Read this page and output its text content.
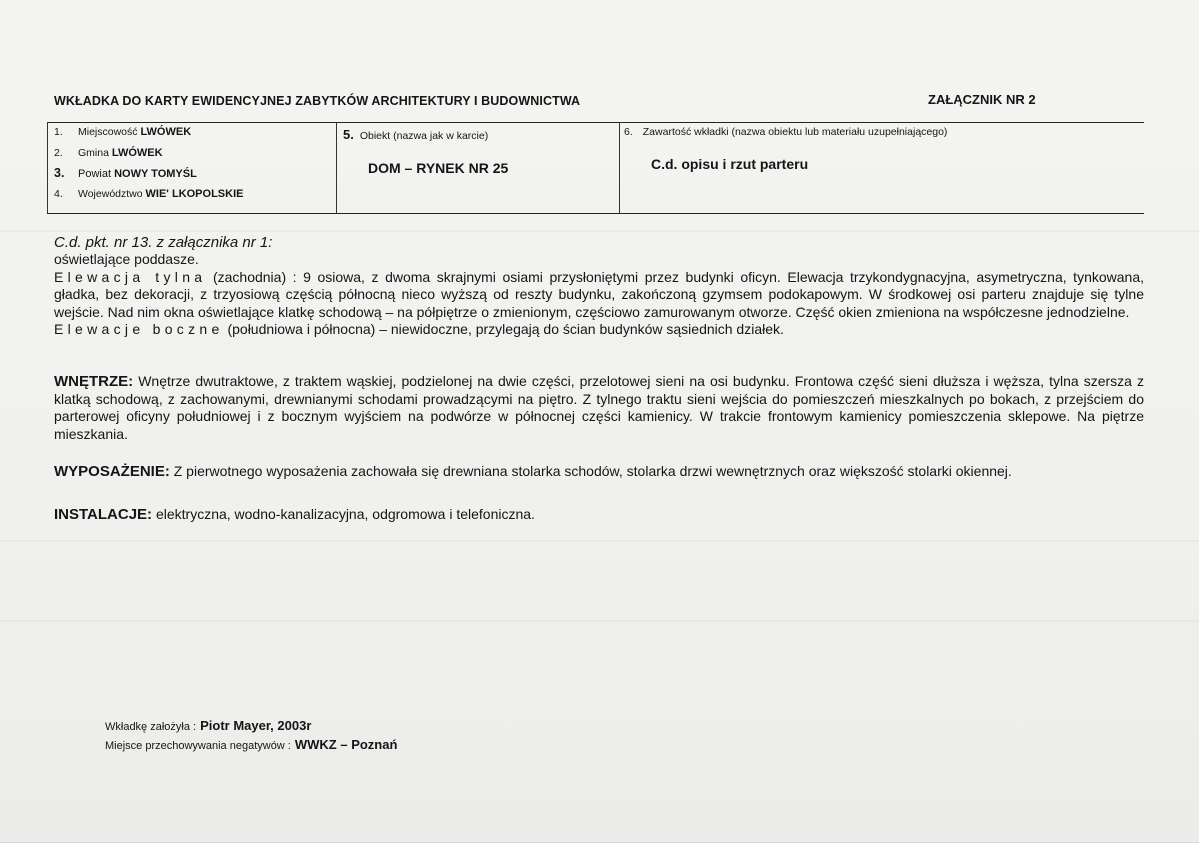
WKŁADKA DO KARTY EWIDENCYJNEJ ZABYTKÓW ARCHITEKTURY I BUDOWNICTWA	ZAŁĄCZNIK NR 2
1. Miejscowość LWÓWEK
2. Gmina LWÓWEK
3. Powiat NOWY TOMYŚL
4. Województwo WIE' LKOPOLSKIE
5. Obiekt (nazwa jak w karcie)
DOM – RYNEK NR 25
6. Zawartość wkładki (nazwa obiektu lub materiału uzupełniającego)
C.d. opisu i rzut parteru
C.d. pkt. nr 13. z załącznika nr 1:
oświetlające poddasze.
Elewacja tylna (zachodnia) : 9 osiowa, z dwoma skrajnymi osiami przysłoniętymi przez budynki oficyn. Elewacja trzykondygnacyjna, asymetryczna, tynkowana, gładka, bez dekoracji, z trzyosiową częścią północną nieco wyższą od reszty budynku, zakończoną gzymsem podokapowym. W środkowej osi parteru znajduje się tylne wejście. Nad nim okna oświetlające klatkę schodową – na półpiętrze o zmienionym, częściowo zamurowanym otworze. Część okien zmieniona na współczesne jednodzielne.
Elewacje boczne (południowa i północna) – niewidoczne, przylegają do ścian budynków sąsiednich działek.
WNĘTRZE: Wnętrze dwutraktowe, z traktem wąskiej, podzielonej na dwie części, przelotowej sieni na osi budynku. Frontowa część sieni dłuższa i węższa, tylna szersza z klatką schodową, z zachowanymi, drewnianymi schodami prowadzącymi na piętro. Z tylnego traktu sieni wejścia do pomieszczeń mieszkalnych po bokach, z przejściem do parterowej oficyny południowej i z bocznym wyjściem na podwórze w północnej części kamienicy. W trakcie frontowym kamienicy pomieszczenia sklepowe. Na piętrze mieszkania.
WYPOSAŻENIE: Z pierwotnego wyposażenia zachowała się drewniana stolarka schodów, stolarka drzwi wewnętrznych oraz większość stolarki okiennej.
INSTALACJE: elektryczna, wodno-kanalizacyjna, odgromowa i telefoniczna.
Wkładkę założyła : Piotr Mayer, 2003r
Miejsce przechowywania negatywów : WWKZ – Poznań
